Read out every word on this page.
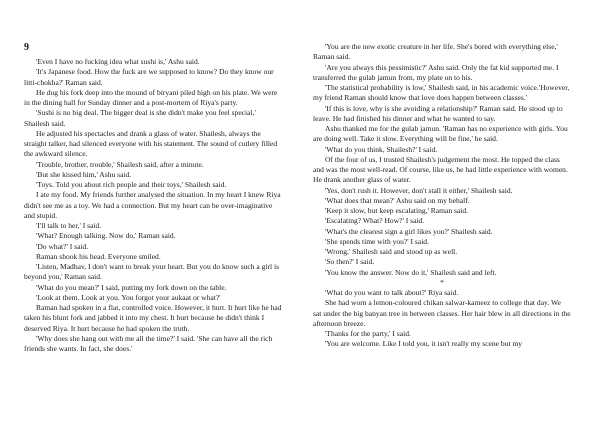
9

'Even I have no fucking idea what sushi is,' Ashu said.

'It's Japanese food. How the fuck are we supposed to know? Do they know our litti-chokha?' Raman said.

He dug his fork deep into the mound of biryani piled high on his plate. We were in the dining hall for Sunday dinner and a post-mortem of Riya's party.

'Sushi is no big deal. The bigger deal is she didn't make you feel special,' Shailesh said.

He adjusted his spectacles and drank a glass of water. Shailesh, always the straight talker, had silenced everyone with his statement. The sound of cutlery filled the awkward silence.

'Trouble, brother, trouble,' Shailesh said, after a minute.

'But she kissed him,' Ashu said.

'Toys. Told you about rich people and their toys,' Shailesh said.

I ate my food. My friends further analysed the situation. In my heart I knew Riya didn't see me as a toy. We had a connection. But my heart can be over-imaginative and stupid.

'I'll talk to her,' I said.

'What? Enough talking. Now do,' Raman said.

'Do what?' I said.

Raman shook his head. Everyone smiled.

'Listen, Madhav, I don't want to break your heart. But you do know such a girl is beyond you,' Raman said.

'What do you mean?' I said, putting my fork down on the table.

'Look at them. Look at you. You forgot your aukaat or what?'

Raman had spoken in a flat, controlled voice. However, it hurt. It hurt like he had taken his blunt fork and jabbed it into my chest. It hurt because he didn't think I deserved Riya. It hurt because he had spoken the truth.

'Why does she hang out with me all the time?' I said. 'She can have all the rich friends she wants. In fact, she does.'

'You are the new exotic creature in her life. She's bored with everything else,' Raman said.

'Are you always this pessimistic?' Ashu said. Only the fat kid supported me. I transferred the gulab jamun from, my plate on to his.

'The statistical probability is low,' Shailesh said, in his academic voice.'However, my friend Raman should know that love does happen between classes.'

'If this is love, why is she avoiding a relationship?' Raman said. He stood up to leave. He had finished his dinner and what he wanted to say.

Ashu thanked me for the gulab jamun. 'Raman has no experience with girls. You are doing well. Take it slow. Everything will be fine,' he said.

'What do you think, Shailesh?' I said.

Of the four of us, I trusted Shailesh's judgement the most. He topped the class and was the most well-read. Of course, like us, he had little experience with women. He drank another glass of water.

'Yes, don't rush it. However, don't stall it either,' Shailesh said.

'What does that mean?' Ashu said on my behalf.

'Keep it slow, but keep escalating,' Raman said.

'Escalating? What? How?' I said.

'What's the clearest sign a girl likes you?' Shailesh said.

'She spends time with you?' I said.

'Wrong,' Shailesh said and stood up as well.

'So then?' I said.

'You know the answer. Now do it,' Shailesh said and left.

*

'What do you want to talk about?' Riya said.

She had worn a lemon-coloured chikan salwar-kameez to college that day. We sat under the big banyan tree in between classes. Her hair blew in all directions in the afternoon breeze.

'Thanks for the party,' I said.

'You are welcome. Like I told you, it isn't really my scene but my
